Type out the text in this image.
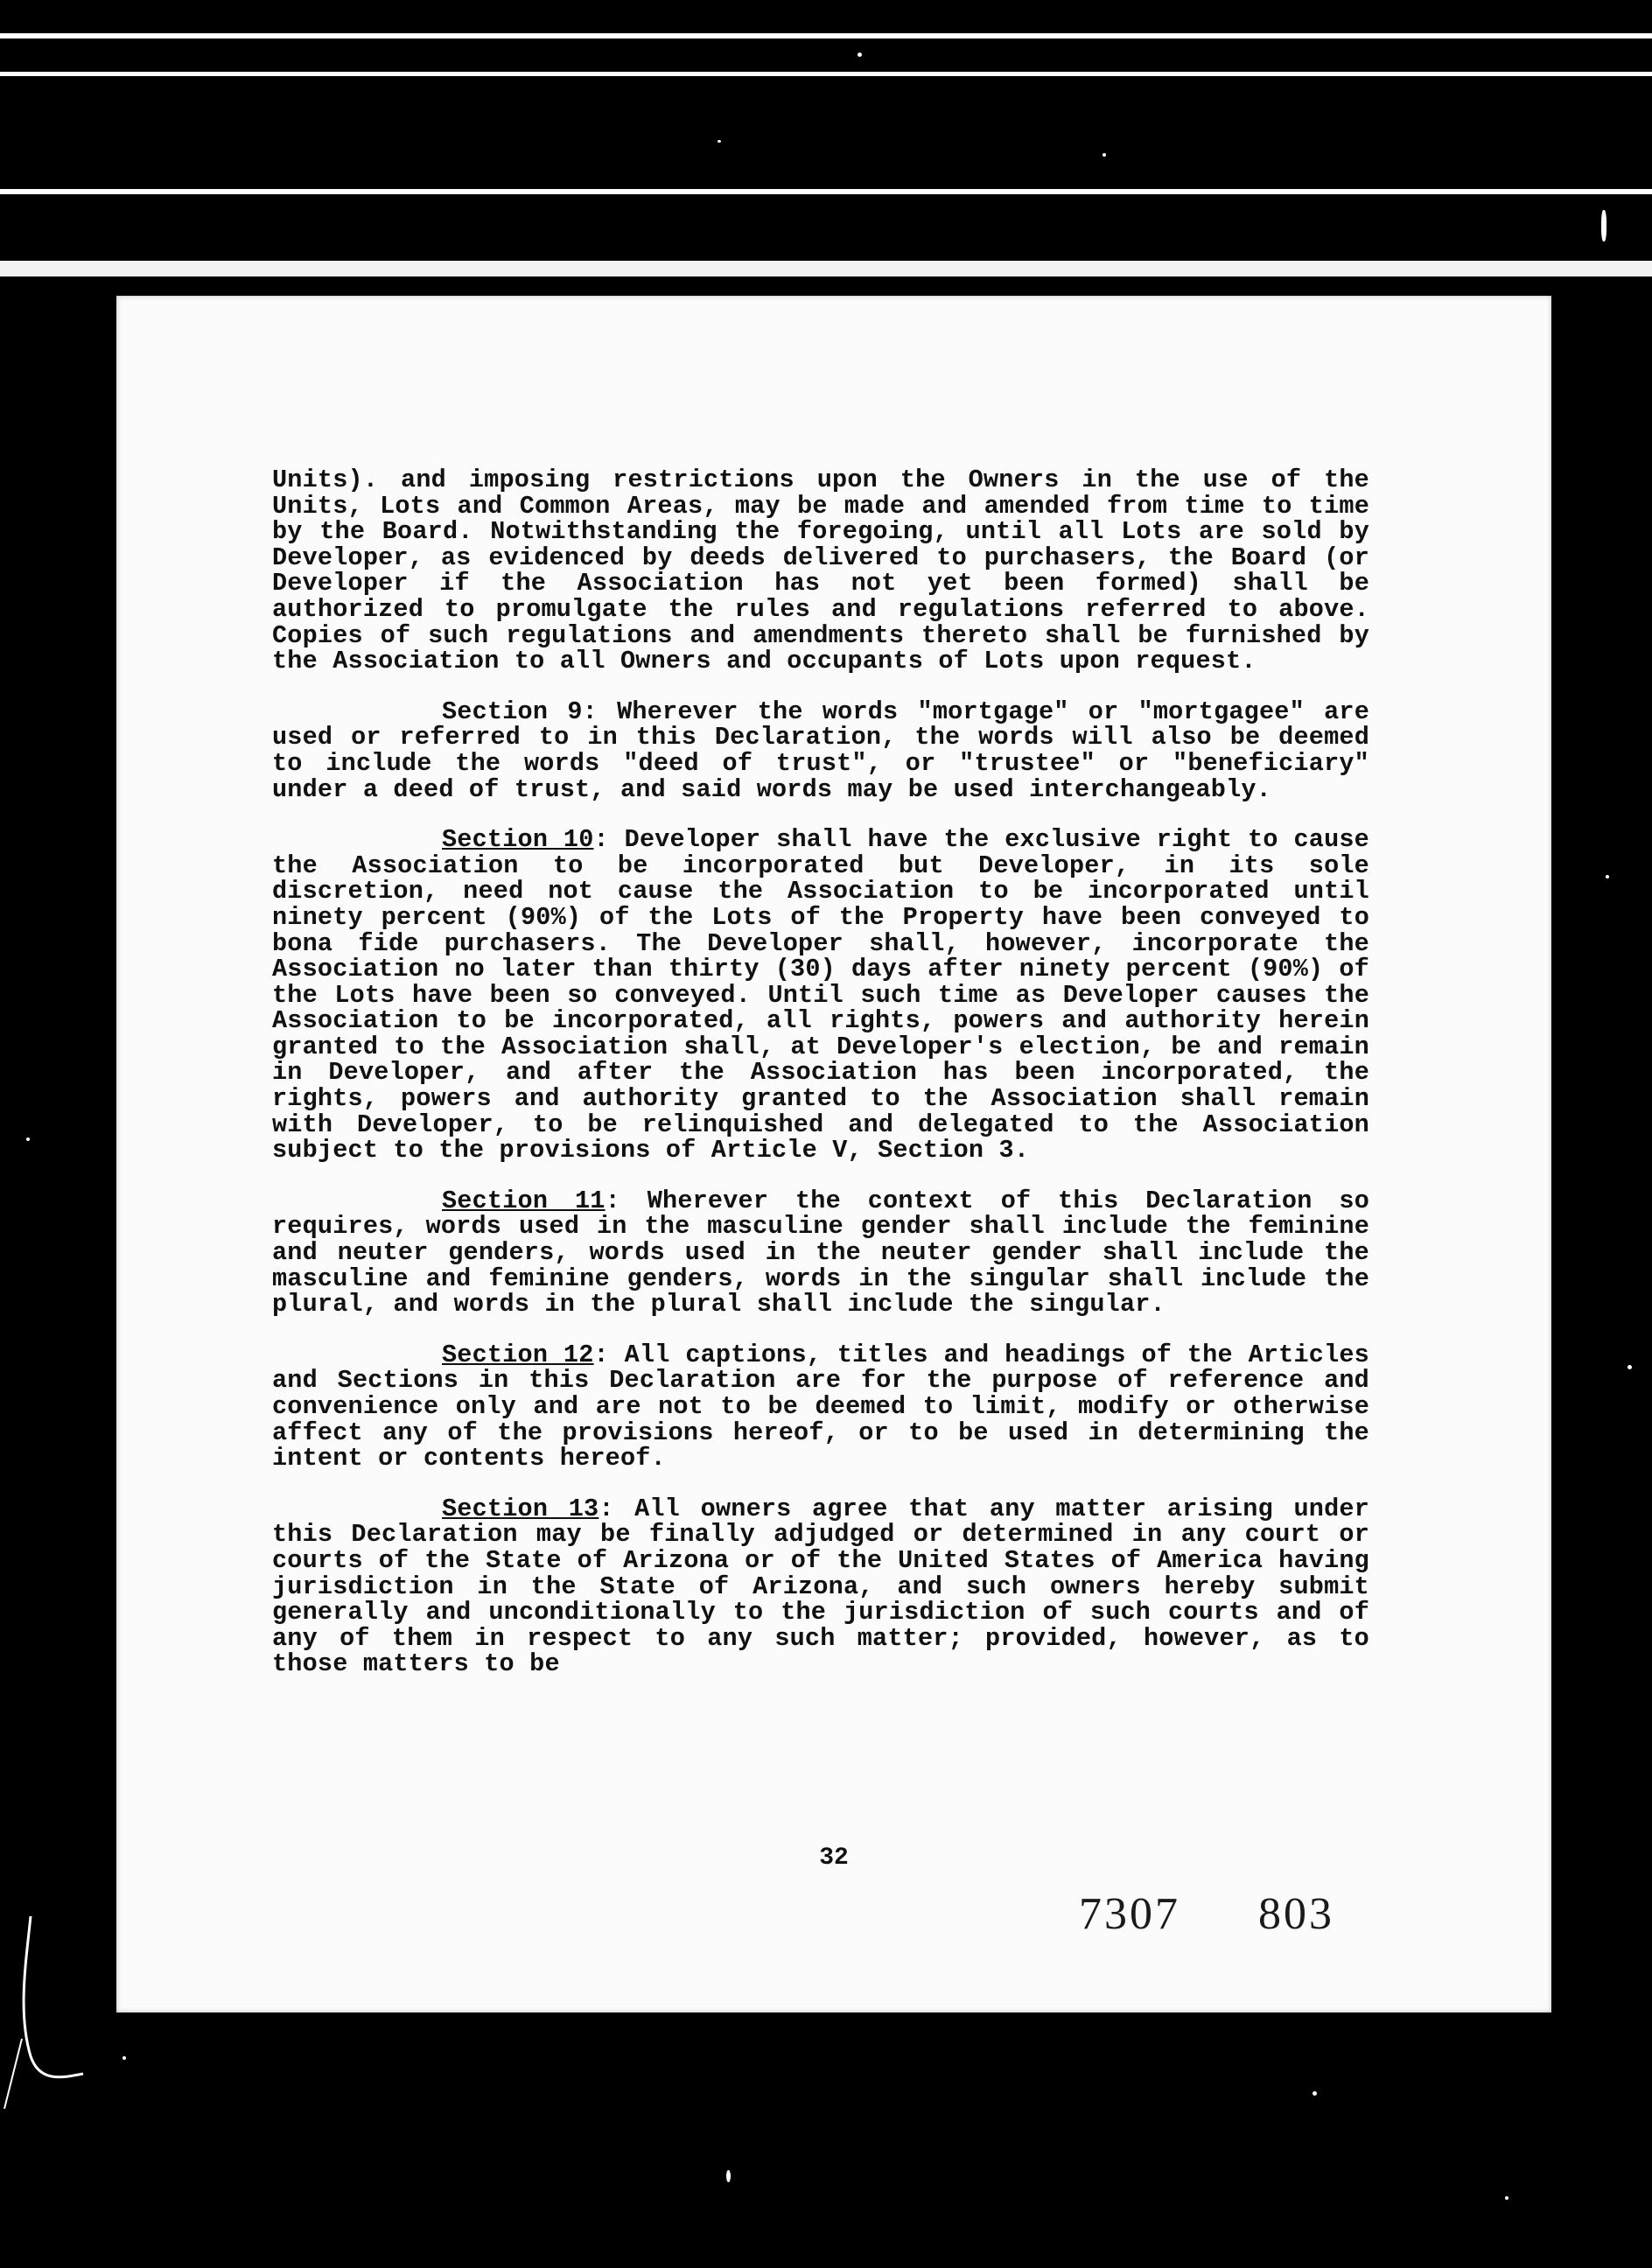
Units). and imposing restrictions upon the Owners in the use of the Units, Lots and Common Areas, may be made and amended from time to time by the Board. Notwithstanding the foregoing, until all Lots are sold by Developer, as evidenced by deeds delivered to purchasers, the Board (or Developer if the Association has not yet been formed) shall be authorized to promulgate the rules and regulations referred to above. Copies of such regulations and amendments thereto shall be furnished by the Association to all Owners and occupants of Lots upon request.

Section 9: Wherever the words "mortgage" or "mortgagee" are used or referred to in this Declaration, the words will also be deemed to include the words "deed of trust", or "trustee" or "beneficiary" under a deed of trust, and said words may be used interchangeably.

Section 10: Developer shall have the exclusive right to cause the Association to be incorporated but Developer, in its sole discretion, need not cause the Association to be incorporated until ninety percent (90%) of the Lots of the Property have been conveyed to bona fide purchasers. The Developer shall, however, incorporate the Association no later than thirty (30) days after ninety percent (90%) of the Lots have been so conveyed. Until such time as Developer causes the Association to be incorporated, all rights, powers and authority herein granted to the Association shall, at Developer's election, be and remain in Developer, and after the Association has been incorporated, the rights, powers and authority granted to the Association shall remain with Developer, to be relinquished and delegated to the Association subject to the provisions of Article V, Section 3.

Section 11: Wherever the context of this Declaration so requires, words used in the masculine gender shall include the feminine and neuter genders, words used in the neuter gender shall include the masculine and feminine genders, words in the singular shall include the plural, and words in the plural shall include the singular.

Section 12: All captions, titles and headings of the Articles and Sections in this Declaration are for the purpose of reference and convenience only and are not to be deemed to limit, modify or otherwise affect any of the provisions hereof, or to be used in determining the intent or contents hereof.

Section 13: All owners agree that any matter arising under this Declaration may be finally adjudged or determined in any court or courts of the State of Arizona or of the United States of America having jurisdiction in the State of Arizona, and such owners hereby submit generally and unconditionally to the jurisdiction of such courts and of any of them in respect to any such matter; provided, however, as to those matters to be

32
7307 803
